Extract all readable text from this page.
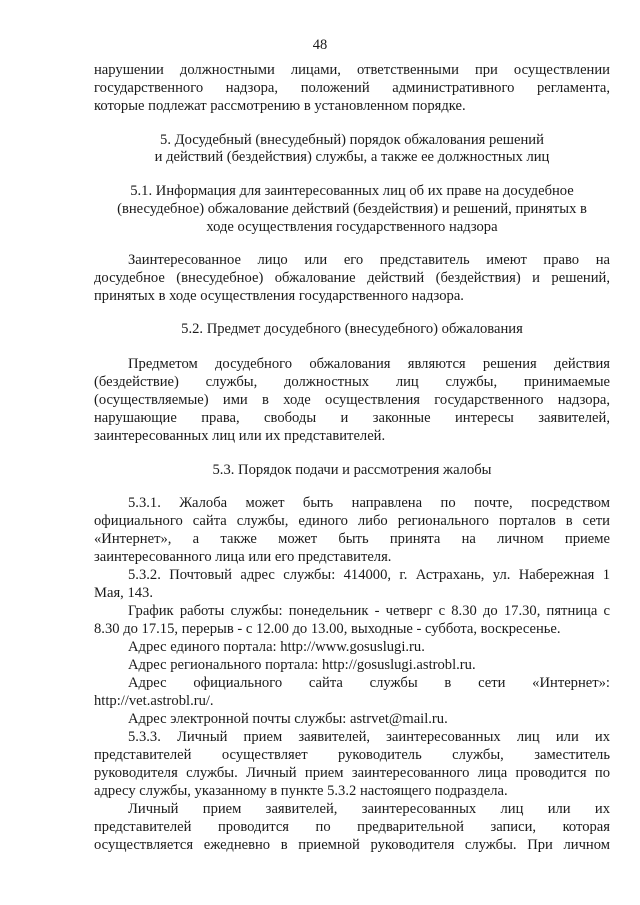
48
нарушении должностными лицами, ответственными при осуществлении
государственного надзора, положений административного регламента,
которые подлежат рассмотрению в установленном порядке.
5. Досудебный (внесудебный) порядок обжалования решений
и действий (бездействия) службы, а также ее должностных лиц
5.1. Информация для заинтересованных лиц об их праве на досудебное
(внесудебное) обжалование действий (бездействия) и решений, принятых в
ходе осуществления государственного надзора
Заинтересованное лицо или его представитель имеют право на
досудебное (внесудебное) обжалование действий (бездействия) и решений,
принятых в ходе осуществления государственного надзора.
5.2. Предмет досудебного (внесудебного) обжалования
Предметом досудебного обжалования являются решения действия
(бездействие) службы, должностных лиц службы, принимаемые
(осуществляемые) ими в ходе осуществления государственного надзора,
нарушающие права, свободы и законные интересы заявителей,
заинтересованных лиц или их представителей.
5.3. Порядок подачи и рассмотрения жалобы
5.3.1. Жалоба может быть направлена по почте, посредством
официального сайта службы, единого либо регионального порталов в сети
«Интернет», а также может быть принята на личном приеме
заинтересованного лица или его представителя.
5.3.2. Почтовый адрес службы: 414000, г. Астрахань, ул. Набережная 1
Мая, 143.
График работы службы: понедельник - четверг с 8.30 до 17.30, пятница с
8.30 до 17.15, перерыв - с 12.00 до 13.00, выходные - суббота, воскресенье.
Адрес единого портала: http://www.gosuslugi.ru.
Адрес регионального портала: http://gosuslugi.astrobl.ru.
Адрес официального сайта службы в сети «Интернет»:
http://vet.astrobl.ru/.
Адрес электронной почты службы: astrvet@mail.ru.
5.3.3. Личный прием заявителей, заинтересованных лиц или их
представителей осуществляет руководитель службы, заместитель
руководителя службы. Личный прием заинтересованного лица проводится по
адресу службы, указанному в пункте 5.3.2 настоящего подраздела.
Личный прием заявителей, заинтересованных лиц или их
представителей проводится по предварительной записи, которая
осуществляется ежедневно в приемной руководителя службы. При личном
